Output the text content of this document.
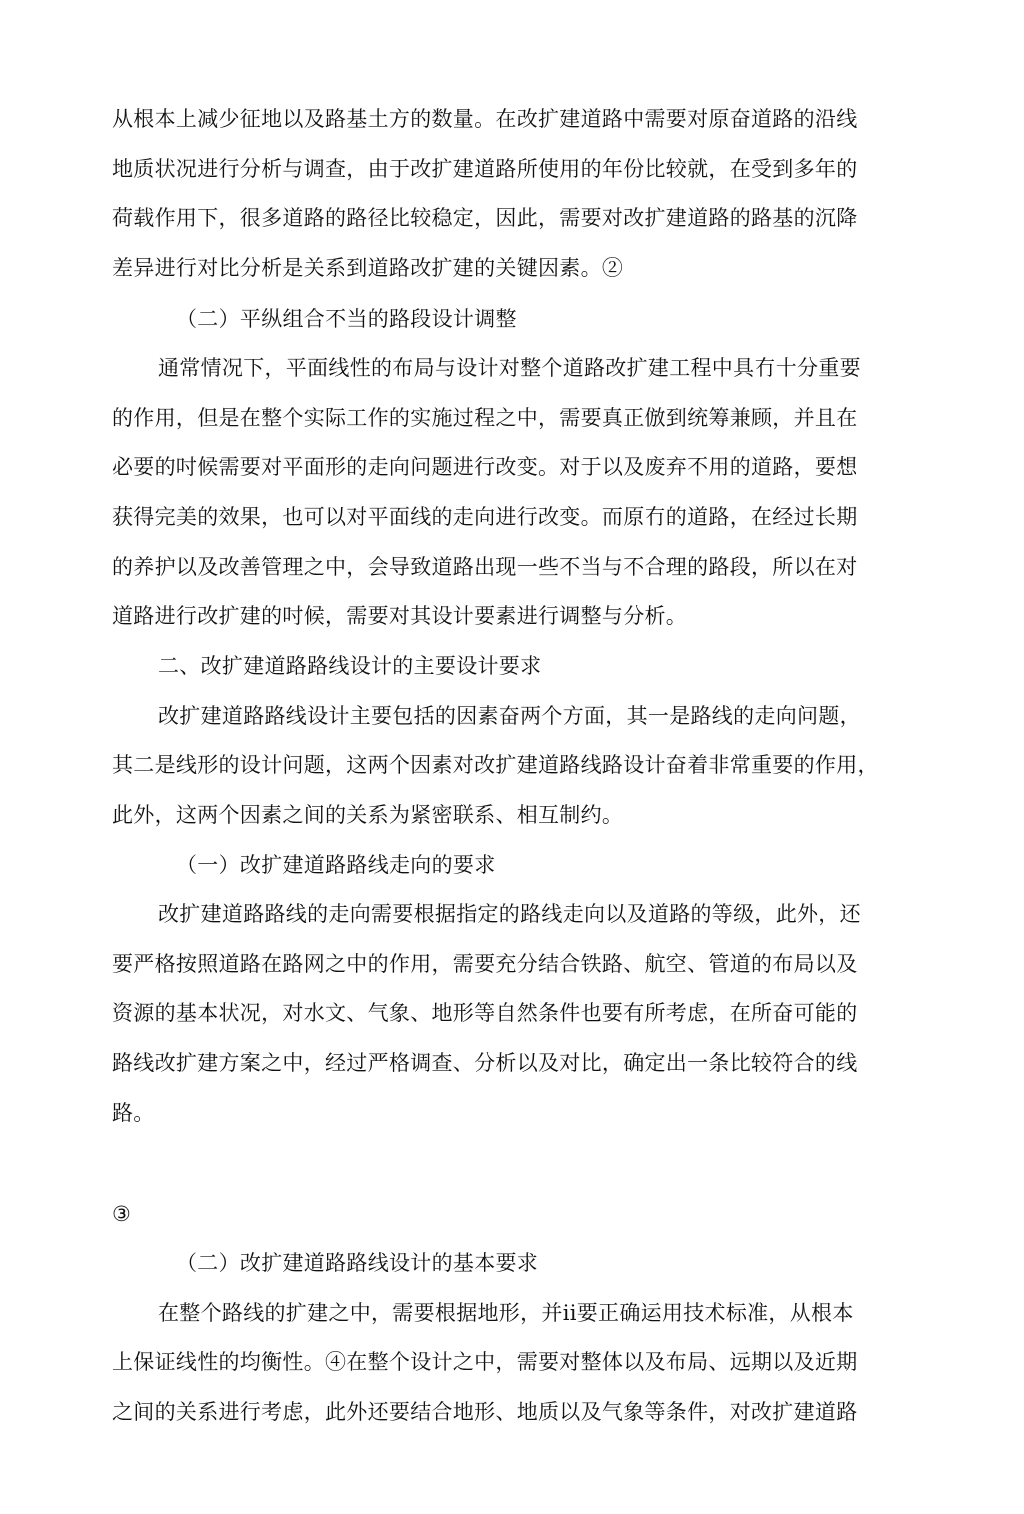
从根本上减少征地以及路基土方的数量。在改扩建道路中需要对原奋道路的沿线
地质状况进行分析与调查，由于改扩建道路所使用的年份比较就，在受到多年的
荷载作用下，很多道路的路径比较稳定，因此，需要对改扩建道路的路基的沉降
差异进行对比分析是关系到道路改扩建的关键因素。②
（二）平纵组合不当的路段设计调整
通常情况下，平面线性的布局与设计对整个道路改扩建工程中具冇十分重要
的作用，但是在整个实际工作的实施过程之中，需要真正倣到统筹兼顾，并且在
必要的吋候需要对平面形的走向问题进行改变。对于以及废弃不用的道路，要想
获得完美的效果，也可以对平面线的走向进行改变。而原冇的道路，在经过长期
的养护以及改善管理之中，会导致道路出现一些不当与不合理的路段，所以在对
道路进行改扩建的吋候，需要对其设计要素进行调整与分析。
二、改扩建道路路线设计的主要设计要求
改扩建道路路线设计主要包括的因素奋两个方面，其一是路线的走向问题，
其二是线形的设计问题，这两个因素对改扩建道路线路设计奋着非常重要的作用，
此外，这两个因素之间的关系为紧密联系、相互制约。
（一）改扩建道路路线走向的要求
改扩建道路路线的走向需要根据指定的路线走向以及道路的等级，此外，还
要严格按照道路在路网之中的作用，需要充分结合铁路、航空、管道的布局以及
资源的基本状况，对水文、气象、地形等自然条件也要有所考虑，在所奋可能的
路线改扩建方案之中，经过严格调查、分析以及对比，确定出一条比较符合的线
路。
③
（二）改扩建道路路线设计的基本要求
在整个路线的扩建之中，需要根据地形，并ii要正确运用技术标准，从根本
上保证线性的均衡性。④在整个设计之中，需要对整体以及布局、远期以及近期
之间的关系进行考虑，此外还要结合地形、地质以及气象等条件，对改扩建道路
